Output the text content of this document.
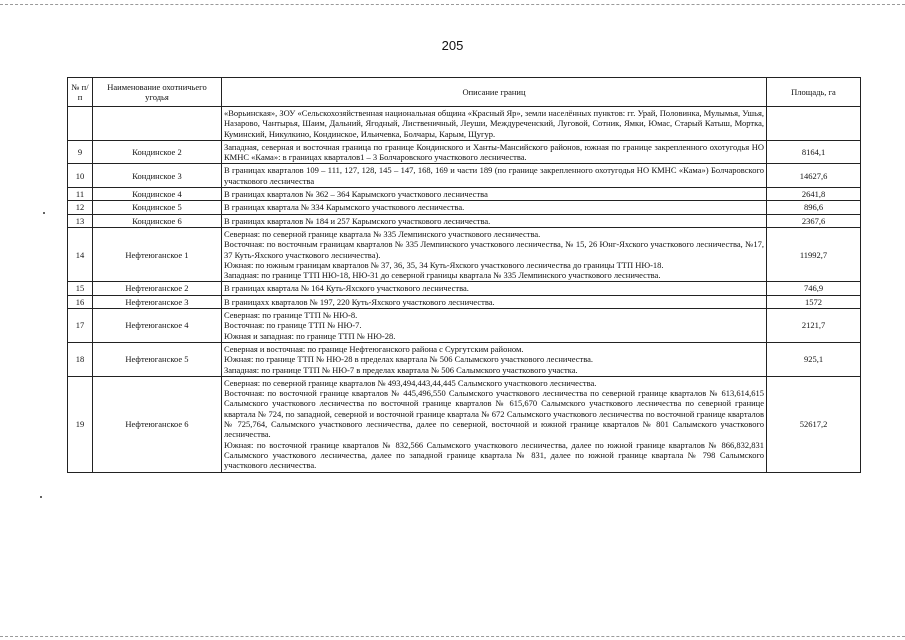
205
№ п/п	Наименование охотничьего угодья	Описание границ	Площадь, га

		«Ворьинская», ЗОУ «Сельскохозяйственная национальная община «Красный Яр», земли населённых пунктов: гг. Урай, Половинка, Мулымья, Ушья, Назарово, Чантырья, Шаим, Дальний, Ягодный, Лиственичный, Леуши, Междуреченский, Луговой, Сотник, Ямки, Юмас, Старый Катыш, Мортка, Куминский, Никулкино, Кондинское, Ильичевка, Болчары, Карым, Щугур.	

9	Кондинское 2	Западная, северная и восточная граница по границе Кондинского и Ханты-Мансийского районов, южная по границе закрепленного охотугодья НО КМНС «Кама»: в границах кварталов1 – 3 Болчаровского участкового лесничества.	8164,1
10	Кондинское 3	В границах кварталов 109 – 111, 127, 128, 145 – 147, 168, 169 и части 189 (по границе закрепленного охотугодья НО КМНС «Кама») Болчаровского участкового лесничества	14627,6
11	Кондинское 4	В границах кварталов № 362 – 364 Карымского участкового лесничества	2641,8
12	Кондинское 5	В границах квартала № 334 Карымского участкового лесничества.	896,6
13	Кондинское 6	В границах кварталов № 184 и 257 Карымского участкового лесничества.	2367,6
14	Нефтеюганское 1	Северная: по северной границе квартала № 335 Лемпинского участкового лесничества.
Восточная: по восточным границам кварталов № 335 Лемпинского участкового лесничества, № 15, 26 Юнг-Яхского участкового лесничества, №17, 37 Куть-Яхского участкового лесничества).
Южная: по южным границам кварталов № 37, 36, 35, 34 Куть-Яхского участкового лесничества до границы ТТП НЮ-18.
Западная: по границе ТТП НЮ-18, НЮ-31 до северной границы квартала № 335 Лемпинского участкового лесничества.	11992,7
15	Нефтеюганское 2	В границах квартала № 164 Куть-Яхского участкового лесничества.	746,9
16	Нефтеюганское 3	В границахх кварталов № 197, 220 Куть-Яхского участкового лесничества.	1572
17	Нефтеюганское 4	Северная: по границе ТТП № НЮ-8.
Восточная: по границе ТТП № НЮ-7.
Южная и западная: по границе ТТП № НЮ-28.	2121,7
18	Нефтеюганское 5	Северная и восточная: по границе Нефтеюганского района с Сургутским районом.
Южная: по границе ТТП № НЮ-28 в пределах квартала № 506 Салымского участкового лесничества.
Западная: по границе ТТП № НЮ-7 в пределах квартала № 506 Салымского участкового участка.	925,1
19	Нефтеюганское 6	Северная: по северной границе кварталов № 493,494,443,44,445 Салымского участкового лесничества.
Восточная: по восточной границе кварталов № 445,496,550 Салымского участкового лесничества по северной границе кварталов № 613,614,615 Салымского участкового лесничества по восточной границе кварталов № 615,670 Салымского участкового лесничества по северной границе квартала № 724, по западной, северной и восточной границе квартала № 672 Салымского участкового лесничества по восточной границе кварталов № 725,764, Салымского участкового лесничества, далее по северной, восточной и южной границе кварталов № 801 Салымского участкового лесничества.
Южная: по восточной границе кварталов № 832,566 Салымского участкового лесничества, далее по южной границе кварталов № 866,832,831 Салымского участкового лесничества, далее по западной границе квартала № 831, далее по южной границе квартала № 798 Салымского участкового лесничества.	52617,2
